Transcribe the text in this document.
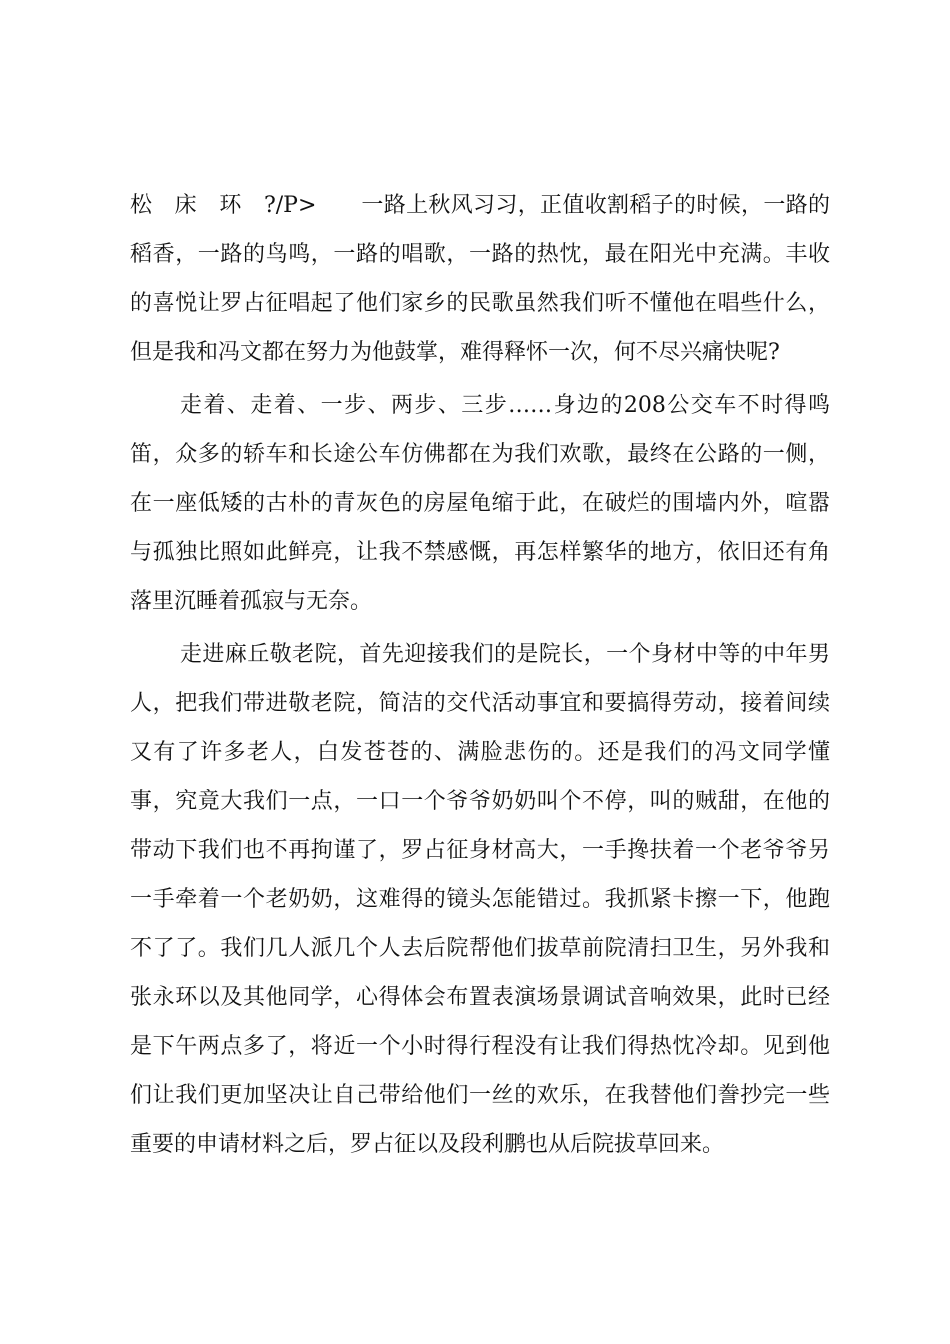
松　床　环　?/P>　　一路上秋风习习，正值收割稻子的时候，一路的
稻香，一路的鸟鸣，一路的唱歌，一路的热忱，最在阳光中充满。丰收
的喜悦让罗占征唱起了他们家乡的民歌虽然我们听不懂他在唱些什么，
但是我和冯文都在努力为他鼓掌，难得释怀一次，何不尽兴痛快呢?
走着、走着、一步、两步、三步……身边的208公交车不时得鸣
笛，众多的轿车和长途公车仿佛都在为我们欢歌，最终在公路的一侧，
在一座低矮的古朴的青灰色的房屋龟缩于此，在破烂的围墙内外，喧嚣
与孤独比照如此鲜亮，让我不禁感慨，再怎样繁华的地方，依旧还有角
落里沉睡着孤寂与无奈。
走进麻丘敬老院，首先迎接我们的是院长，一个身材中等的中年男
人，把我们带进敬老院，简洁的交代活动事宜和要搞得劳动，接着间续
又有了许多老人，白发苍苍的、满脸悲伤的。还是我们的冯文同学懂
事，究竟大我们一点，一口一个爷爷奶奶叫个不停，叫的贼甜，在他的
带动下我们也不再拘谨了，罗占征身材高大，一手搀扶着一个老爷爷另
一手牵着一个老奶奶，这难得的镜头怎能错过。我抓紧卡擦一下，他跑
不了了。我们几人派几个人去后院帮他们拔草前院清扫卫生，另外我和
张永环以及其他同学，心得体会布置表演场景调试音响效果，此时已经
是下午两点多了，将近一个小时得行程没有让我们得热忱冷却。见到他
们让我们更加坚决让自己带给他们一丝的欢乐，在我替他们誊抄完一些
重要的申请材料之后，罗占征以及段利鹏也从后院拔草回来。
